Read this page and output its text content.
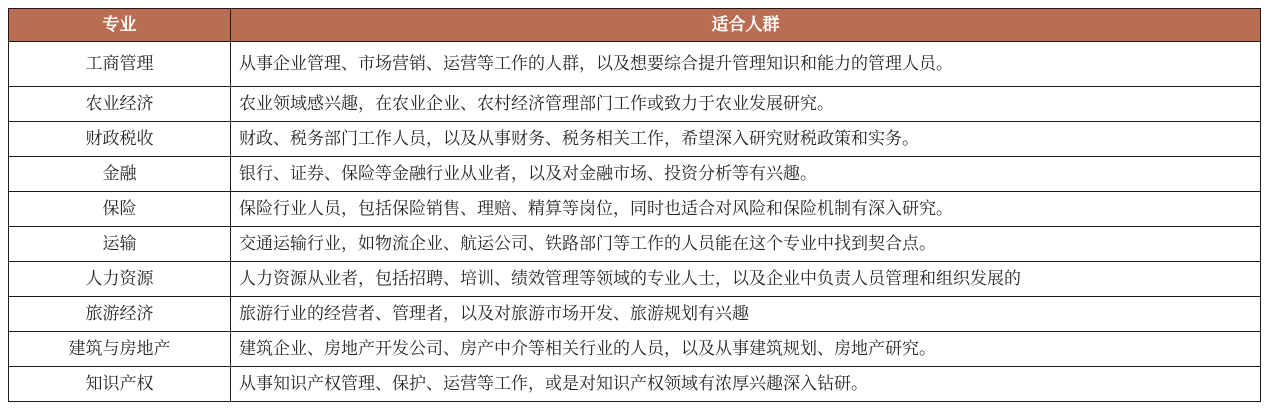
专业	适合人群
工商管理	从事企业管理、市场营销、运营等工作的人群，以及想要综合提升管理知识和能力的管理人员。
农业经济	农业领域感兴趣，在农业企业、农村经济管理部门工作或致力于农业发展研究。
财政税收	财政、税务部门工作人员，以及从事财务、税务相关工作，希望深入研究财税政策和实务。
金融	银行、证券、保险等金融行业从业者，以及对金融市场、投资分析等有兴趣。
保险	保险行业人员，包括保险销售、理赔、精算等岗位，同时也适合对风险和保险机制有深入研究。
运输	交通运输行业，如物流企业、航运公司、铁路部门等工作的人员能在这个专业中找到契合点。
人力资源	人力资源从业者，包括招聘、培训、绩效管理等领域的专业人士，以及企业中负责人员管理和组织发展的
旅游经济	旅游行业的经营者、管理者，以及对旅游市场开发、旅游规划有兴趣
建筑与房地产	建筑企业、房地产开发公司、房产中介等相关行业的人员，以及从事建筑规划、房地产研究。
知识产权	从事知识产权管理、保护、运营等工作，或是对知识产权领域有浓厚兴趣深入钻研。
